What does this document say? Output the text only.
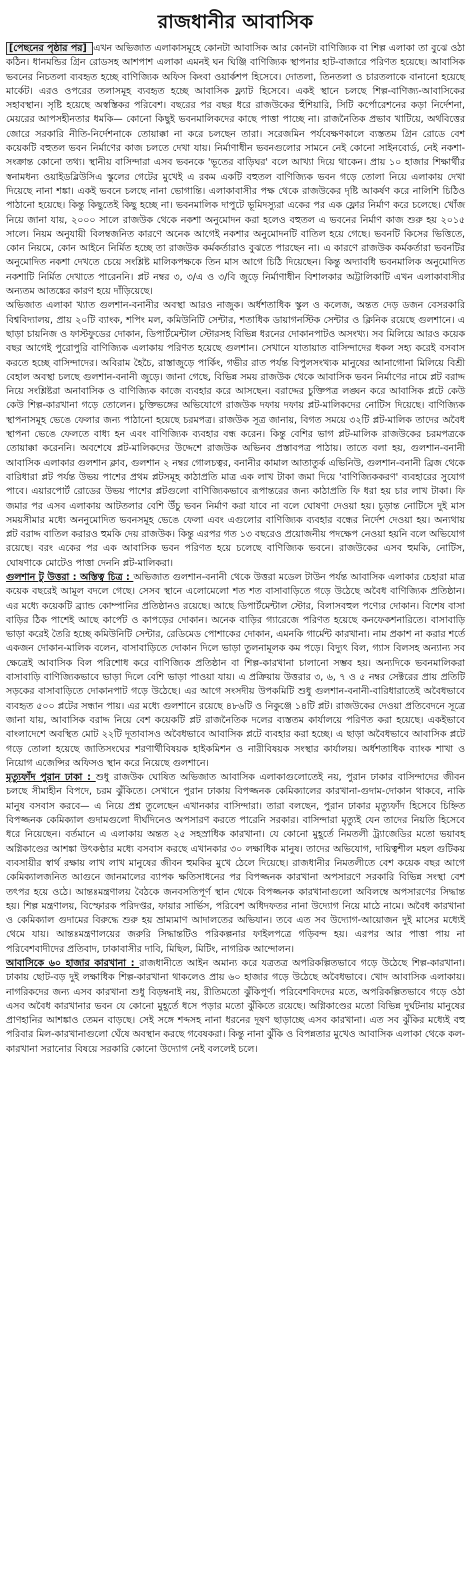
রাজধানীর আবাসিক

[পেছনের পৃষ্ঠার পর] এখন অভিজাত এলাকাসমূহে কোনটা আবাসিক আর কোনটা বাণিজ্যিক বা শিল্প এলাকা তা বুঝে ওঠা কঠিন। ধানমন্ডির গ্রিন রোডসহ আশপাশ এলাকা এমনই ঘন ঘিঞ্জি বাণিজ্যিক স্থাপনার হাট-বাজারে পরিণত হয়েছে। আবাসিক ভবনের নিচতলা ব্যবহৃত হচ্ছে বাণিজ্যিক অফিস কিংবা ওয়ার্কশপ হিসেবে। দোতলা, তিনতলা ও চারতলাকে বানানো হয়েছে মার্কেট। এরও ওপরের তলাসমূহ ব্যবহৃত হচ্ছে আবাসিক ফ্ল্যাট হিসেবে। একই স্থানে চলছে শিল্প-বাণিজ্য-আবাসিকের সহাবস্থান। সৃষ্টি হয়েছে অস্বস্তিকর পরিবেশ। বছরের পর বছর ধরে রাজউকের হুঁশিয়ারি, সিটি কর্পোরেশনের কড়া নির্দেশনা, মেয়রের আপসহীনতার ধমকি— কোনো কিছুই ভবনমালিকদের কাছে পাত্তা পাচ্ছে না। রাজনৈতিক প্রভাব খাটিয়ে, অর্থবিত্তের জোরে সরকারি নীতি-নির্দেশনাকে তোয়াক্কা না করে চলছেন তারা। সরেজমিন পর্যবেক্ষণকালে ব্যস্ততম গ্রিন রোডে বেশ কয়েকটি বহুতল ভবন নির্মাণের কাজ চলতে দেখা যায়। নির্মাণাধীন ভবনগুলোর সামনে নেই কোনো সাইনবোর্ড, নেই নকশা-সংক্রান্ত কোনো তথ্য। স্থানীয় বাসিন্দারা এসব ভবনকে 'ভূতের বাড়িঘর' বলে আখ্যা দিয়ে থাকেন। প্রায় ১০ হাজার শিক্ষার্থীর স্বনামধন্য ওয়াইডব্লিউসিএ স্কুলের গেটের মুখেই এ রকম একটি বহুতল বাণিজ্যিক ভবন গড়ে তোলা নিয়ে এলাকায় দেখা দিয়েছে নানা শঙ্কা। একই ভবনে চলছে নানা ভোগান্তি। এলাকাবাসীর পক্ষ থেকে রাজউকের দৃষ্টি আকর্ষণ করে নালিশি চিঠিও পাঠানো হয়েছে। কিন্তু কিছুতেই কিছু হচ্ছে না। ভবনমালিক দাপুটে ভূমিদস্যুরা একের পর এক ফ্লোর নির্মাণ করে চলেছে। খোঁজ নিয়ে জানা যায়, ২০০০ সালে রাজউক থেকে নকশা অনুমোদন করা হলেও বহুতল এ ভবনের নির্মাণ কাজ শুরু হয় ২০১৫ সালে। নিয়ম অনুযায়ী বিলম্বজনিত কারণে অনেক আগেই নকশার অনুমোদনটি বাতিল হয়ে গেছে। ভবনটি কিসের ভিত্তিতে, কোন নিয়মে, কোন আইনে নির্মিত হচ্ছে তা রাজউক কর্মকর্তারাও বুঝতে পারছেন না। এ কারণে রাজউক কর্মকর্তারা ভবনটির অনুমোদিত নকশা দেখতে চেয়ে সংশ্লিষ্ট মালিকপক্ষকে তিন মাস আগে চিঠি দিয়েছেন। কিন্তু অদ্যাবধি ভবনমালিক অনুমোদিত নকশাটি নির্মিত দেখাতে পারেননি। প্লট নম্বর ৩, ৩/এ ও ৩/বি জুড়ে নির্মাণাধীন বিশালকার অট্টালিকাটি এখন এলাকাবাসীর অন্যতম আতঙ্কের কারণ হয়ে দাঁড়িয়েছে।

অভিজাত এলাকা খ্যাত গুলশান-বনানীর অবস্থা আরও নাজুক। অর্ধশতাধিক স্কুল ও কলেজ, অন্তত দেড় ডজন বেসরকারি বিশ্ববিদ্যালয়, প্রায় ২০টি ব্যাংক, শপিং মল, কমিউনিটি সেন্টার, শতাধিক ডায়াগনস্টিক সেন্টার ও ক্লিনিক রয়েছে গুলশানে। এ ছাড়া চায়নিজ ও ফাস্টফুডের দোকান, ডিপার্টমেন্টাল স্টোরসহ বিভিন্ন ধরনের দোকানপাটও অসংখ্য। সব মিলিয়ে আরও কয়েক বছর আগেই পুরোপুরি বাণিজ্যিক এলাকায় পরিণত হয়েছে গুলশান। সেখানে যাতায়াত বাসিন্দাদের ধকল সহ্য করেই বসবাস করতে হচ্ছে বাসিন্দাদের। অবিরাম হৈচৈ, রাস্তাজুড়ে পার্কিং, গভীর রাত পর্যন্ত বিপুলসংখ্যক মানুষের আনাগোনা মিলিয়ে বিশ্রী বেহাল অবস্থা চলছে গুলশান-বনানী জুড়ে। জানা গেছে, বিভিন্ন সময় রাজউক থেকে আবাসিক ভবন নির্মাণের নামে প্লট বরাদ্দ নিয়ে সংশ্লিষ্টরা অনাবাসিক ও বাণিজ্যিক কাজে ব্যবহার করে আসছেন। বরাদ্দের চুক্তিপত্র লঙ্ঘন করে আবাসিক প্লটে কেউ কেউ শিল্প-কারখানা গড়ে তোলেন। চুক্তিভঙ্গের অভিযোগে রাজউক দফায় দফায় প্লট-মালিকদের নোটিস দিয়েছে। বাণিজ্যিক স্থাপনাসমূহ ভেঙে ফেলার জন্য পাঠানো হয়েছে চরমপত্র। রাজউক সূত্র জানায়, বিগত সময়ে ৩২টি প্লট-মালিক তাদের অবৈধ স্থাপনা ভেঙে ফেলতে বাধ্য হন এবং বাণিজ্যিক ব্যবহার বন্ধ করেন। কিন্তু বেশির ভাগ প্লট-মালিক রাজউকের চরমপত্রকে তোয়াক্কা করেননি। অবশেষে প্লট-মালিকদের উদ্দেশে রাজউক অভিনব প্রস্তাবপত্র পাঠায়। তাতে বলা হয়, গুলশান-বনানী আবাসিক এলাকার গুলশান ক্লাব, গুলশান ২ নম্বর গোলচত্বর, বনানীর কামাল আতাতুর্ক এভিনিউ, গুলশান-বনানী ব্রিজ থেকে বারিধারা প্লট পর্যন্ত উভয় পাশের প্রথম প্লটসমূহ কাঠাপ্রতি মাত্র এক লাখ টাকা জমা দিয়ে 'বাণিজ্যিককরণ' ব্যবহারের সুযোগ পাবে। এয়ারপোর্ট রোডের উভয় পাশের প্লটগুলো বাণিজ্যিকভাবে রূপান্তরের জন্য কাঠাপ্রতি ফি ধরা হয় চার লাখ টাকা। ফি জমার পর এসব এলাকায় আটতলার বেশি উঁচু ভবন নির্মাণ করা যাবে না বলে ঘোষণা দেওয়া হয়। চূড়ান্ত নোটিসে দুই মাস সময়সীমার মধ্যে অননুমোদিত ভবনসমূহ ভেঙে ফেলা এবং এগুলোর বাণিজ্যিক ব্যবহার বন্ধের নির্দেশ দেওয়া হয়। অন্যথায় প্লট বরাদ্দ বাতিল করারও হুমকি দেয় রাজউক। কিন্তু এরপর গত ১৩ বছরেও প্রয়োজনীয় পদক্ষেপ নেওয়া হয়নি বলে অভিযোগ রয়েছে। বরং একের পর এক আবাসিক ভবন পরিণত হয়ে চলেছে বাণিজ্যিক ভবনে। রাজউকের এসব হুমকি, নোটিস, ঘোষণাকে মোটেও পাত্তা দেননি প্লট-মালিকরা।

গুলশান টু উত্তরা : অস্তিত্ব চিত্র : অভিজাত গুলশান-বনানী থেকে উত্তরা মডেল টাউন পর্যন্ত আবাসিক এলাকার চেহারা মাত্র কয়েক বছরেই আমূল বদলে গেছে। সেসব স্থানে এলোমেলো শত শত বাসাবাড়িতে গড়ে উঠেছে অবৈধ বাণিজ্যিক প্রতিষ্ঠান। এর মধ্যে কয়েকটি ব্র্যান্ড কোম্পানির প্রতিষ্ঠানও রয়েছে। আছে ডিপার্টমেন্টাল স্টোর, বিলাসবহুল পণ্যের দোকান। বিশেষ বাসা বাড়ির ঠিক পাশেই আছে কার্পেট ও কাপড়ের দোকান। অনেক বাড়ির গ্যারেজে পরিণত হয়েছে কনফেকশনারিতে। বাসাবাড়ি ভাড়া করেই তৈরি হচ্ছে কমিউনিটি সেন্টার, রেডিমেড পোশাকের দোকান, এমনকি গার্মেন্ট কারখানা। নাম প্রকাশ না করার শর্তে একজন দোকান-মালিক বলেন, বাসাবাড়িতে দোকান দিলে ভাড়া তুলনামূলক কম পড়ে। বিদ্যুৎ বিল, গ্যাস বিলসহ অন্যান্য সব ক্ষেত্রেই আবাসিক বিল পরিশোধ করে বাণিজ্যিক প্রতিষ্ঠান বা শিল্প-কারখানা চালানো সম্ভব হয়। অন্যদিকে ভবনমালিকরা বাসাবাড়ি বাণিজ্যিকভাবে ভাড়া দিলে বেশি ভাড়া পাওয়া যায়। এ প্রক্রিয়ায় উত্তরার ৩, ৬, ৭ ও ৫ নম্বর সেক্টরের প্রায় প্রতিটি সড়কের বাসাবাড়িতে দোকানপাট গড়ে উঠেছে। এর আগে সংসদীয় উপকমিটি শুধু গুলশান-বনানী-বারিধারাতেই অবৈধভাবে ব্যবহৃত ৫০০ প্লটের সন্ধান পায়। এর মধ্যে গুলশানে রয়েছে ৪৮৬টি ও নিকুঞ্জে ১৪টি প্লট। রাজউকের দেওয়া প্রতিবেদনে সূত্রে জানা যায়, আবাসিক বরাদ্দ নিয়ে বেশ কয়েকটি প্লট রাজনৈতিক দলের ব্যস্ততম কার্যালয়ে পরিণত করা হয়েছে। একইভাবে বাংলাদেশে অবস্থিত মোট ২২টি দূতাবাসও অবৈধভাবে আবাসিক প্লটে ব্যবহার করা হচ্ছে। এ ছাড়া অবৈধভাবে আবাসিক প্লটে গড়ে তোলা হয়েছে জাতিসংঘের শরণার্থীবিষয়ক হাইকমিশন ও নারীবিষয়ক সংস্থার কার্যালয়। অর্ধশতাধিক ব্যাংক শাখা ও নিয়োগ এজেন্সির অফিসও স্থান করে নিয়েছে গুলশানে।

মৃত্যুফাঁদ পুরান ঢাকা : শুধু রাজউক ঘোষিত অভিজাত আবাসিক এলাকাগুলোতেই নয়, পুরান ঢাকার বাসিন্দাদের জীবন চলছে সীমাহীন বিপদে, চরম ঝুঁকিতে। সেখানে পুরান ঢাকায় বিপজ্জনক কেমিক্যালের কারখানা-গুদাম-দোকান থাকবে, নাকি মানুষ বসবাস করবে— এ নিয়ে প্রশ্ন তুলেছেন এখানকার বাসিন্দারা। তারা বলছেন, পুরান ঢাকার মৃত্যুফাঁদ হিসেবে চিহ্নিত বিপজ্জনক কেমিক্যাল গুদামগুলো দীর্ঘদিনেও অপসারণ করতে পারেনি সরকার। বাসিন্দারা মৃত্যুই যেন তাদের নিয়তি হিসেবে ধরে নিয়েছেন। বর্তমানে এ এলাকায় অন্তত ২৫ সহস্রাধিক কারখানা। যে কোনো মুহূর্তে নিমতলী ট্র্যাজেডির মতো ভয়াবহ অগ্নিকাণ্ডের আশঙ্কা উৎকণ্ঠার মধ্যে বসবাস করছে এখানকার ৩০ লক্ষাধিক মানুষ। তাদের অভিযোগ, দায়িত্বশীল মহল গুটিকয় ব্যবসায়ীর স্বার্থ রক্ষায় লাখ লাখ মানুষের জীবন হুমকির মুখে ঠেলে দিয়েছে। রাজধানীর নিমতলীতে বেশ কয়েক বছর আগে কেমিক্যালজনিত আগুনে জানমালের ব্যাপক ক্ষতিসাধনের পর বিপজ্জনক কারখানা অপসারণে সরকারি বিভিন্ন সংস্থা বেশ তৎপর হয়ে ওঠে। আন্তঃমন্ত্রণালয় বৈঠকে জনবসতিপূর্ণ স্থান থেকে বিপজ্জনক কারখানাগুলো অবিলম্বে অপসারণের সিদ্ধান্ত হয়। শিল্প মন্ত্রণালয়, বিস্ফোরক পরিদপ্তর, ফায়ার সার্ভিস, পরিবেশ অধিদফতর নানা উদ্যোগ নিয়ে মাঠে নামে। অবৈধ কারখানা ও কেমিক্যাল গুদামের বিরুদ্ধে শুরু হয় ভ্রাম্যমাণ আদালতের অভিযান। তবে এত সব উদ্যোগ-আয়োজন দুই মাসের মধ্যেই থেমে যায়। আন্তঃমন্ত্রণালয়ের জরুরি সিদ্ধান্তটিও পরিকল্পনার ফাইলপত্রে গড়িবন্দ হয়। এরপর আর পাত্তা পায় না পরিবেশবাদীদের প্রতিবাদ, ঢাকাবাসীর দাবি, মিছিল, মিটিং, নাগরিক আন্দোলন।

আবাসিকে ৬০ হাজার কারখানা : রাজধানীতে আইন অমান্য করে যত্রতত্র অপরিকল্পিতভাবে গড়ে উঠেছে শিল্প-কারখানা। ঢাকায় ছোট-বড় দুই লক্ষাধিক শিল্প-কারখানা থাকলেও প্রায় ৬০ হাজার গড়ে উঠেছে অবৈধভাবে। খোদ আবাসিক এলাকায়। নাগরিকদের জন্য এসব কারখানা শুধু বিড়ম্বনাই নয়, রীতিমতো ঝুঁকিপূর্ণ। পরিবেশবিদদের মতে, অপরিকল্পিতভাবে গড়ে ওঠা এসব অবৈধ কারখানার ভবন যে কোনো মুহূর্তে ধসে পড়ার মতো ঝুঁকিতে রয়েছে। অগ্নিকাণ্ডের মতো বিভিন্ন দুর্ঘটনায় মানুষের প্রাণহানির আশঙ্কাও তেমন বাড়ছে। সেই সঙ্গে শব্দসহ নানা ধরনের দূষণ ছাড়াচ্ছে এসব কারখানা। এত সব ঝুঁকির মধ্যেই বহু পরিবার মিল-কারখানাগুলো ঘেঁষে অবস্থান করছে গবেষকরা। কিন্তু নানা ঝুঁকি ও বিপন্নতার মুখেও আবাসিক এলাকা থেকে কল-কারখানা সরানোর বিষয়ে সরকারি কোনো উদ্যোগ নেই বললেই চলে।
